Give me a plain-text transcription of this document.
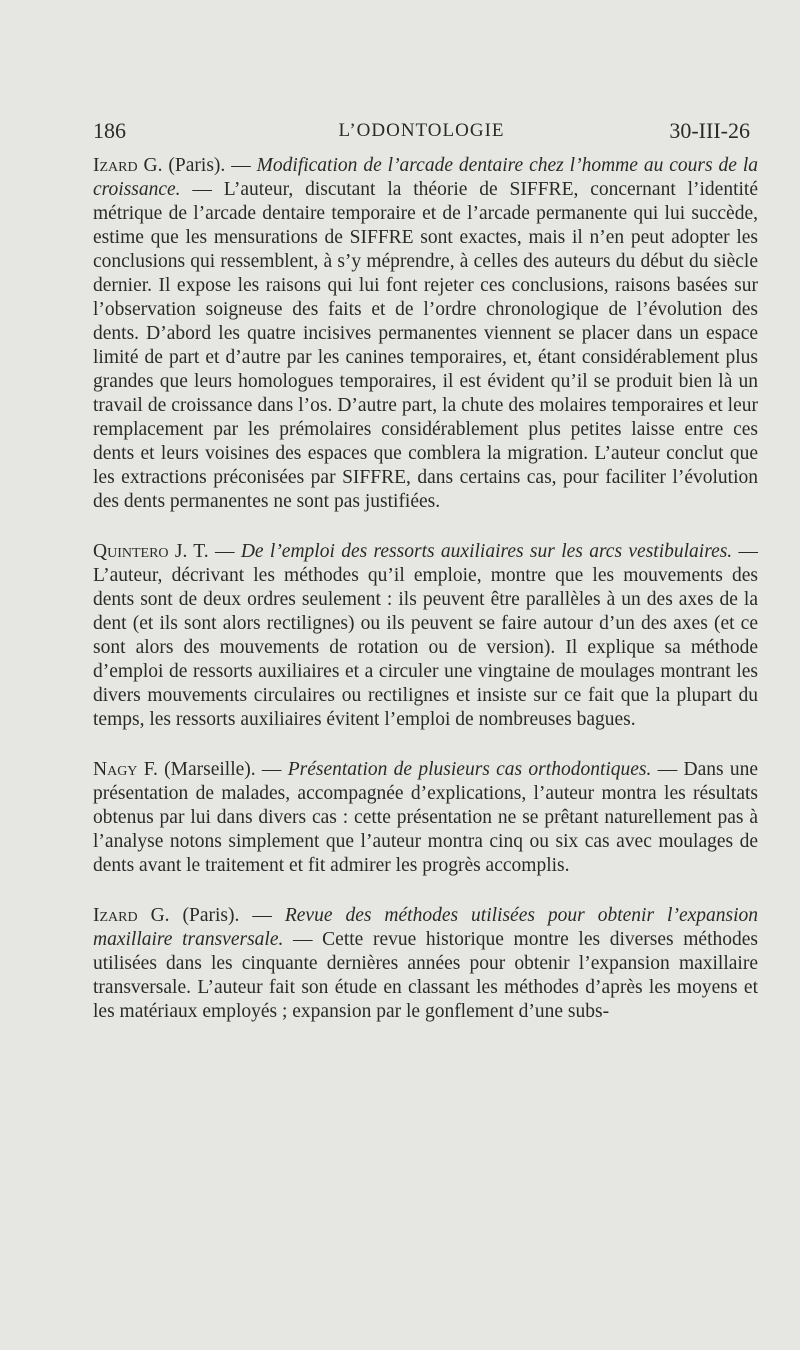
186	L’ODONTOLOGIE	30-III-26

Izard G. (Paris). — Modification de l’arcade dentaire chez l’homme au cours de la croissance. — L’auteur, discutant la théorie de SIFFRE, concernant l’identité métrique de l’arcade dentaire temporaire et de l’arcade permanente qui lui succède, estime que les mensurations de SIFFRE sont exactes, mais il n’en peut adopter les conclusions qui ressemblent, à s’y méprendre, à celles des auteurs du début du siècle dernier. Il expose les raisons qui lui font rejeter ces conclusions, raisons basées sur l’observation soigneuse des faits et de l’ordre chronologique de l’évolution des dents. D’abord les quatre incisives permanentes viennent se placer dans un espace limité de part et d’autre par les canines temporaires, et, étant considérablement plus grandes que leurs homologues temporaires, il est évident qu’il se produit bien là un travail de croissance dans l’os. D’autre part, la chute des molaires temporaires et leur remplacement par les prémolaires considérablement plus petites laisse entre ces dents et leurs voisines des espaces que comblera la migration. L’auteur conclut que les extractions préconisées par SIFFRE, dans certains cas, pour faciliter l’évolution des dents permanentes ne sont pas justifiées.

Quintero J. T. — De l’emploi des ressorts auxiliaires sur les arcs vestibulaires. — L’auteur, décrivant les méthodes qu’il emploie, montre que les mouvements des dents sont de deux ordres seulement : ils peuvent être parallèles à un des axes de la dent (et ils sont alors rectilignes) ou ils peuvent se faire autour d’un des axes (et ce sont alors des mouvements de rotation ou de version). Il explique sa méthode d’emploi de ressorts auxiliaires et a circuler une vingtaine de moulages montrant les divers mouvements circulaires ou rectilignes et insiste sur ce fait que la plupart du temps, les ressorts auxiliaires évitent l’emploi de nombreuses bagues.

Nagy F. (Marseille). — Présentation de plusieurs cas orthodontiques. — Dans une présentation de malades, accompagnée d’explications, l’auteur montra les résultats obtenus par lui dans divers cas : cette présentation ne se prêtant naturellement pas à l’analyse notons simplement que l’auteur montra cinq ou six cas avec moulages de dents avant le traitement et fit admirer les progrès accomplis.

Izard G. (Paris). — Revue des méthodes utilisées pour obtenir l’expansion maxillaire transversale. — Cette revue historique montre les diverses méthodes utilisées dans les cinquante dernières années pour obtenir l’expansion maxillaire transversale. L’auteur fait son étude en classant les méthodes d’après les moyens et les matériaux employés ; expansion par le gonflement d’une subs-
